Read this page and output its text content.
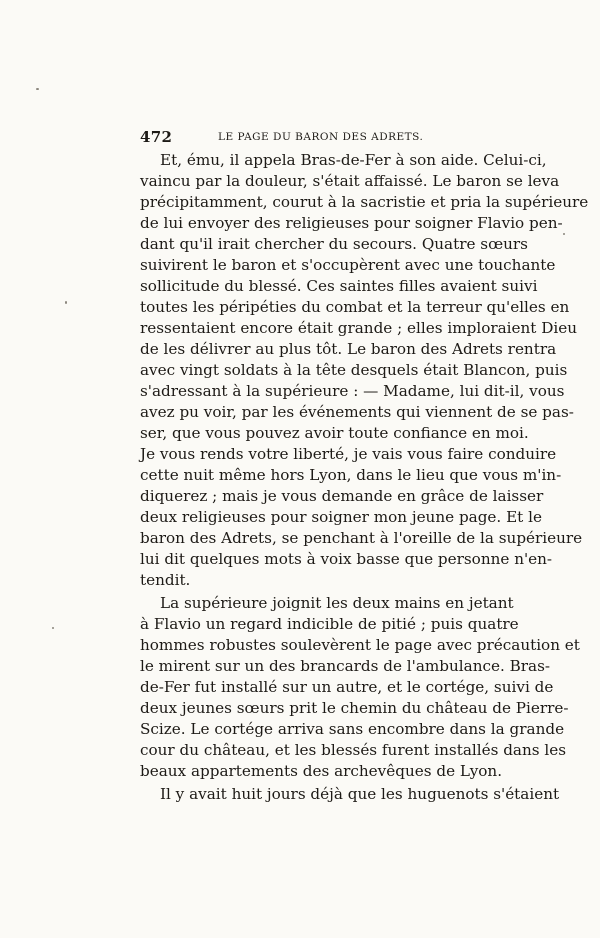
472	LE PAGE DU BARON DES ADRETS.
Et, ému, il appela Bras-de-Fer à son aide. Celui-ci,
vaincu par la douleur, s'était affaissé. Le baron se leva
précipitamment, courut à la sacristie et pria la supérieure
de lui envoyer des religieuses pour soigner Flavio pen-
dant qu'il irait chercher du secours. Quatre sœurs
suivirent le baron et s'occupèrent avec une touchante
sollicitude du blessé. Ces saintes filles avaient suivi
toutes les péripéties du combat et la terreur qu'elles en
ressentaient encore était grande ; elles imploraient Dieu
de les délivrer au plus tôt. Le baron des Adrets rentra
avec vingt soldats à la tête desquels était Blancon, puis
s'adressant à la supérieure : — Madame, lui dit-il, vous
avez pu voir, par les événements qui viennent de se pas-
ser, que vous pouvez avoir toute confiance en moi.
Je vous rends votre liberté, je vais vous faire conduire
cette nuit même hors Lyon, dans le lieu que vous m'in-
diquerez ; mais je vous demande en grâce de laisser
deux religieuses pour soigner mon jeune page. Et le
baron des Adrets, se penchant à l'oreille de la supérieure
lui dit quelques mots à voix basse que personne n'en-
tendit.
La supérieure joignit les deux mains en jetant
à Flavio un regard indicible de pitié ; puis quatre
hommes robustes soulevèrent le page avec précaution et
le mirent sur un des brancards de l'ambulance. Bras-
de-Fer fut installé sur un autre, et le cortége, suivi de
deux jeunes sœurs prit le chemin du château de Pierre-
Scize. Le cortége arriva sans encombre dans la grande
cour du château, et les blessés furent installés dans les
beaux appartements des archevêques de Lyon.
Il y avait huit jours déjà que les huguenots s'étaient
